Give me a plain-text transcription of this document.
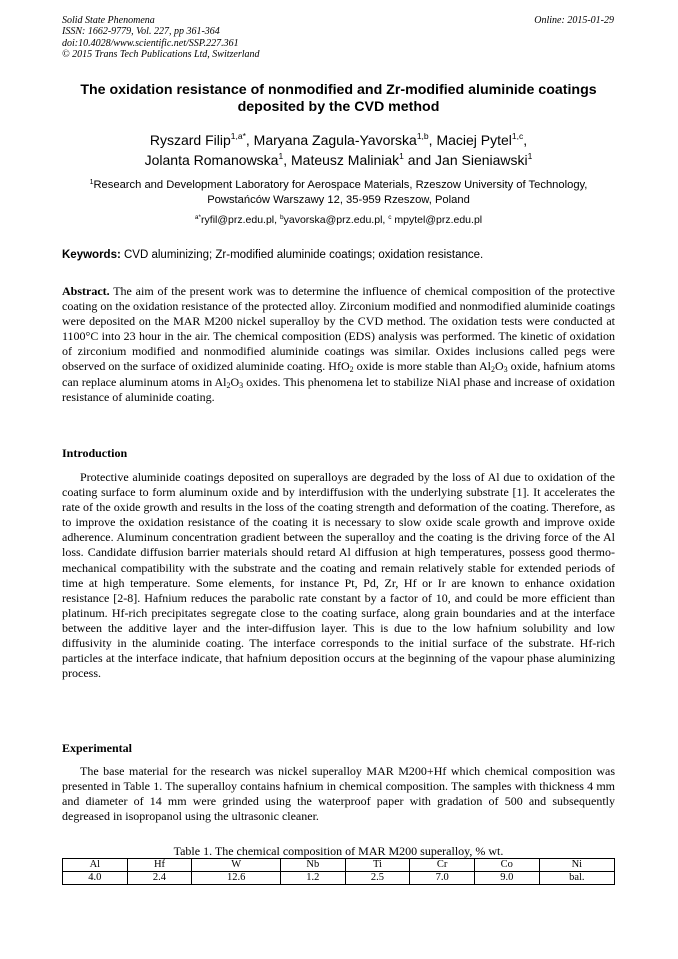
Solid State Phenomena
ISSN: 1662-9779, Vol. 227, pp 361-364
doi:10.4028/www.scientific.net/SSP.227.361
© 2015 Trans Tech Publications Ltd, Switzerland
Online: 2015-01-29
The oxidation resistance of nonmodified and Zr-modified aluminide coatings deposited by the CVD method
Ryszard Filip$^{1,a*}$, Maryana Zagula-Yavorska$^{1,b}$, Maciej Pytel$^{1,c}$,
Jolanta Romanowska$^1$, Mateusz Maliniak$^1$ and Jan Sieniawski$^1$
$^1$Research and Development Laboratory for Aerospace Materials, Rzeszow University of Technology, Powstańców Warszawy 12, 35-959 Rzeszow, Poland
$^{a*}$ryfil@prz.edu.pl, $^b$yavorska@prz.edu.pl, $^c$ mpytel@prz.edu.pl
Keywords: CVD aluminizing; Zr-modified aluminide coatings; oxidation resistance.

Abstract. The aim of the present work was to determine the influence of chemical composition of the protective coating on the oxidation resistance of the protected alloy. Zirconium modified and nonmodified aluminide coatings were deposited on the MAR M200 nickel superalloy by the CVD method. The oxidation tests were conducted at 1100°C into 23 hour in the air. The chemical composition (EDS) analysis was performed. The kinetic of oxidation of zirconium modified and nonmodified aluminide coatings was similar. Oxides inclusions called pegs were observed on the surface of oxidized aluminide coating. HfO$_2$ oxide is more stable than $Al_2O_3$ oxide, hafnium atoms can replace aluminum atoms in $Al_2O_3$ oxides. This phenomena let to stabilize NiAl phase and increase of oxidation resistance of aluminide coating.

Introduction

Protective aluminide coatings deposited on superalloys are degraded by the loss of Al due to oxidation of the coating surface to form aluminum oxide and by interdiffusion with the underlying substrate [1]. It accelerates the rate of the oxide growth and results in the loss of the coating strength and deformation of the coating. Therefore, as to improve the oxidation resistance of the coating it is necessary to slow oxide scale growth and improve oxide adherence. Aluminum concentration gradient between the superalloy and the coating is the driving force of the Al loss. Candidate diffusion barrier materials should retard Al diffusion at high temperatures, possess good thermo-mechanical compatibility with the substrate and the coating and remain relatively stable for extended periods of time at high temperature. Some elements, for instance Pt, Pd, Zr, Hf or Ir are known to enhance oxidation resistance [2-8]. Hafnium reduces the parabolic rate constant by a factor of 10, and could be more efficient than platinum. Hf-rich precipitates segregate close to the coating surface, along grain boundaries and at the interface between the additive layer and the inter-diffusion layer. This is due to the low hafnium solubility and low diffusivity in the aluminide coating. The interface corresponds to the initial surface of the substrate. Hf-rich particles at the interface indicate, that hafnium deposition occurs at the beginning of the vapour phase aluminizing process.

Experimental

The base material for the research was nickel superalloy MAR M200+Hf which chemical composition was presented in Table 1. The superalloy contains hafnium in chemical composition. The samples with thickness 4 mm and diameter of 14 mm were grinded using the waterproof paper with gradation of 500 and subsequently degreased in isopropanol using the ultrasonic cleaner.

Table 1. The chemical composition of MAR M200 superalloy, % wt.
Al	Hf	W	Nb	Ti	Cr	Co	Ni
4.0	2.4	12.6	1.2	2.5	7.0	9.0	bal.
